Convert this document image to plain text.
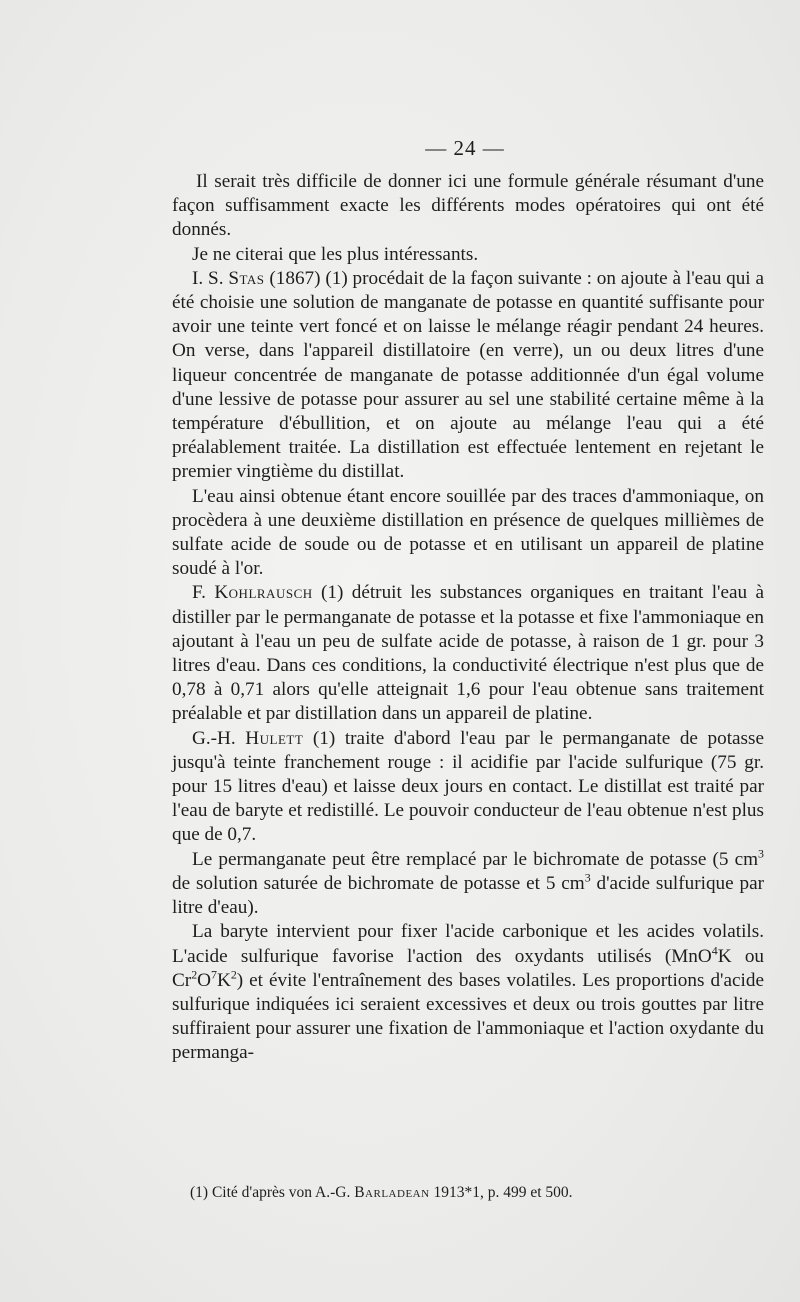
— 24 —

Il serait très difficile de donner ici une formule générale résumant d'une façon suffisamment exacte les différents modes opératoires qui ont été donnés.

Je ne citerai que les plus intéressants.

I. S. Stas (1867) (1) procédait de la façon suivante : on ajoute à l'eau qui a été choisie une solution de manganate de potasse en quantité suffisante pour avoir une teinte vert foncé et on laisse le mélange réagir pendant 24 heures. On verse, dans l'appareil distillatoire (en verre), un ou deux litres d'une liqueur concentrée de manganate de potasse additionnée d'un égal volume d'une lessive de potasse pour assurer au sel une stabilité certaine même à la température d'ébullition, et on ajoute au mélange l'eau qui a été préalablement traitée. La distillation est effectuée lentement en rejetant le premier vingtième du distillat.

L'eau ainsi obtenue étant encore souillée par des traces d'ammoniaque, on procèdera à une deuxième distillation en présence de quelques millièmes de sulfate acide de soude ou de potasse et en utilisant un appareil de platine soudé à l'or.

F. Kohlrausch (1) détruit les substances organiques en traitant l'eau à distiller par le permanganate de potasse et la potasse et fixe l'ammoniaque en ajoutant à l'eau un peu de sulfate acide de potasse, à raison de 1 gr. pour 3 litres d'eau. Dans ces conditions, la conductivité électrique n'est plus que de 0,78 à 0,71 alors qu'elle atteignait 1,6 pour l'eau obtenue sans traitement préalable et par distillation dans un appareil de platine.

G.-H. Hulett (1) traite d'abord l'eau par le permanganate de potasse jusqu'à teinte franchement rouge : il acidifie par l'acide sulfurique (75 gr. pour 15 litres d'eau) et laisse deux jours en contact. Le distillat est traité par l'eau de baryte et redistillé. Le pouvoir conducteur de l'eau obtenue n'est plus que de 0,7.

Le permanganate peut être remplacé par le bichromate de potasse (5 $cm^3$ de solution saturée de bichromate de potasse et 5 $cm^3$ d'acide sulfurique par litre d'eau).

La baryte intervient pour fixer l'acide carbonique et les acides volatils. L'acide sulfurique favorise l'action des oxydants utilisés (MnO$^4$K ou $Cr^2O^7K^2$) et évite l'entraînement des bases volatiles. Les proportions d'acide sulfurique indiquées ici seraient excessives et deux ou trois gouttes par litre suffiraient pour assurer une fixation de l'ammoniaque et l'action oxydante du permanga-

(1) Cité d'après von A.-G. Barladean 1913*1, p. 499 et 500.
